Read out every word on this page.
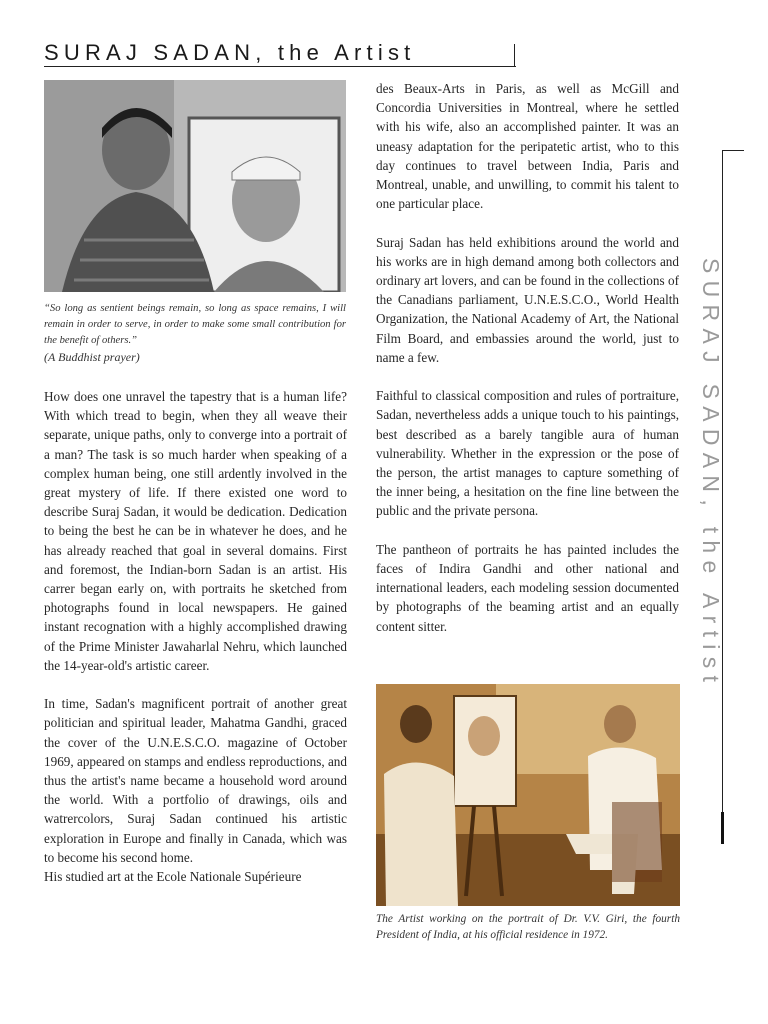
SURAJ SADAN, the Artist
“So long as sentient beings remain, so long as space remains, I will remain in order to serve, in order to make some small contribution for the benefit of others.”
(A Buddhist prayer)

How does one unravel the tapestry that is a human life? With which tread to begin, when they all weave their separate, unique paths, only to converge into a portrait of a man? The task is so much harder when speaking of a complex human being, one still ardently involved in the great mystery of life. If there existed one word to describe Suraj Sadan, it would be dedication. Dedication to being the best he can be in whatever he does, and he has already reached that goal in several domains. First and foremost, the Indian-born Sadan is an artist. His carrer began early on, with portraits he sketched from photographs found in local newspapers. He gained instant recognation with a highly accomplished drawing of the Prime Minister Jawaharlal Nehru, which launched the 14-year-old's artistic career.

In time, Sadan's magnificent portrait of another great politician and spiritual leader, Mahatma Gandhi, graced the cover of the U.N.E.S.C.O. magazine of October 1969, appeared on stamps and endless reproductions, and thus the artist's name became a household word around the world. With a portfolio of drawings, oils and watrercolors, Suraj Sadan continued his artistic exploration in Europe and finally in Canada, which was to become his second home.

His studied art at the Ecole Nationale Supérieure

des Beaux-Arts in Paris, as well as McGill and Concordia Universities in Montreal, where he settled with his wife, also an accomplished painter. It was an uneasy adaptation for the peripatetic artist, who to this day continues to travel between India, Paris and Montreal, unable, and unwilling, to commit his talent to one particular place.

Suraj Sadan has held exhibitions around the world and his works are in high demand among both collectors and ordinary art lovers, and can be found in the collections of the Canadians parliament, U.N.E.S.C.O., World Health Organization, the National Academy of Art, the National Film Board, and embassies around the world, just to name a few.

Faithful to classical composition and rules of portraiture, Sadan, nevertheless adds a unique touch to his paintings, best described as a barely tangible aura of human vulnerability. Whether in the expression or the pose of the person, the artist manages to capture something of the inner being, a hesitation on the fine line between the public and the private persona.

The pantheon of portraits he has painted includes the faces of Indira Gandhi and other national and international leaders, each modeling session documented by photographs of the beaming artist and an equally content sitter.

The Artist working on the portrait of Dr. V.V. Giri, the fourth President of India, at his official residence in 1972.
SURAJ SADAN, the Artist
